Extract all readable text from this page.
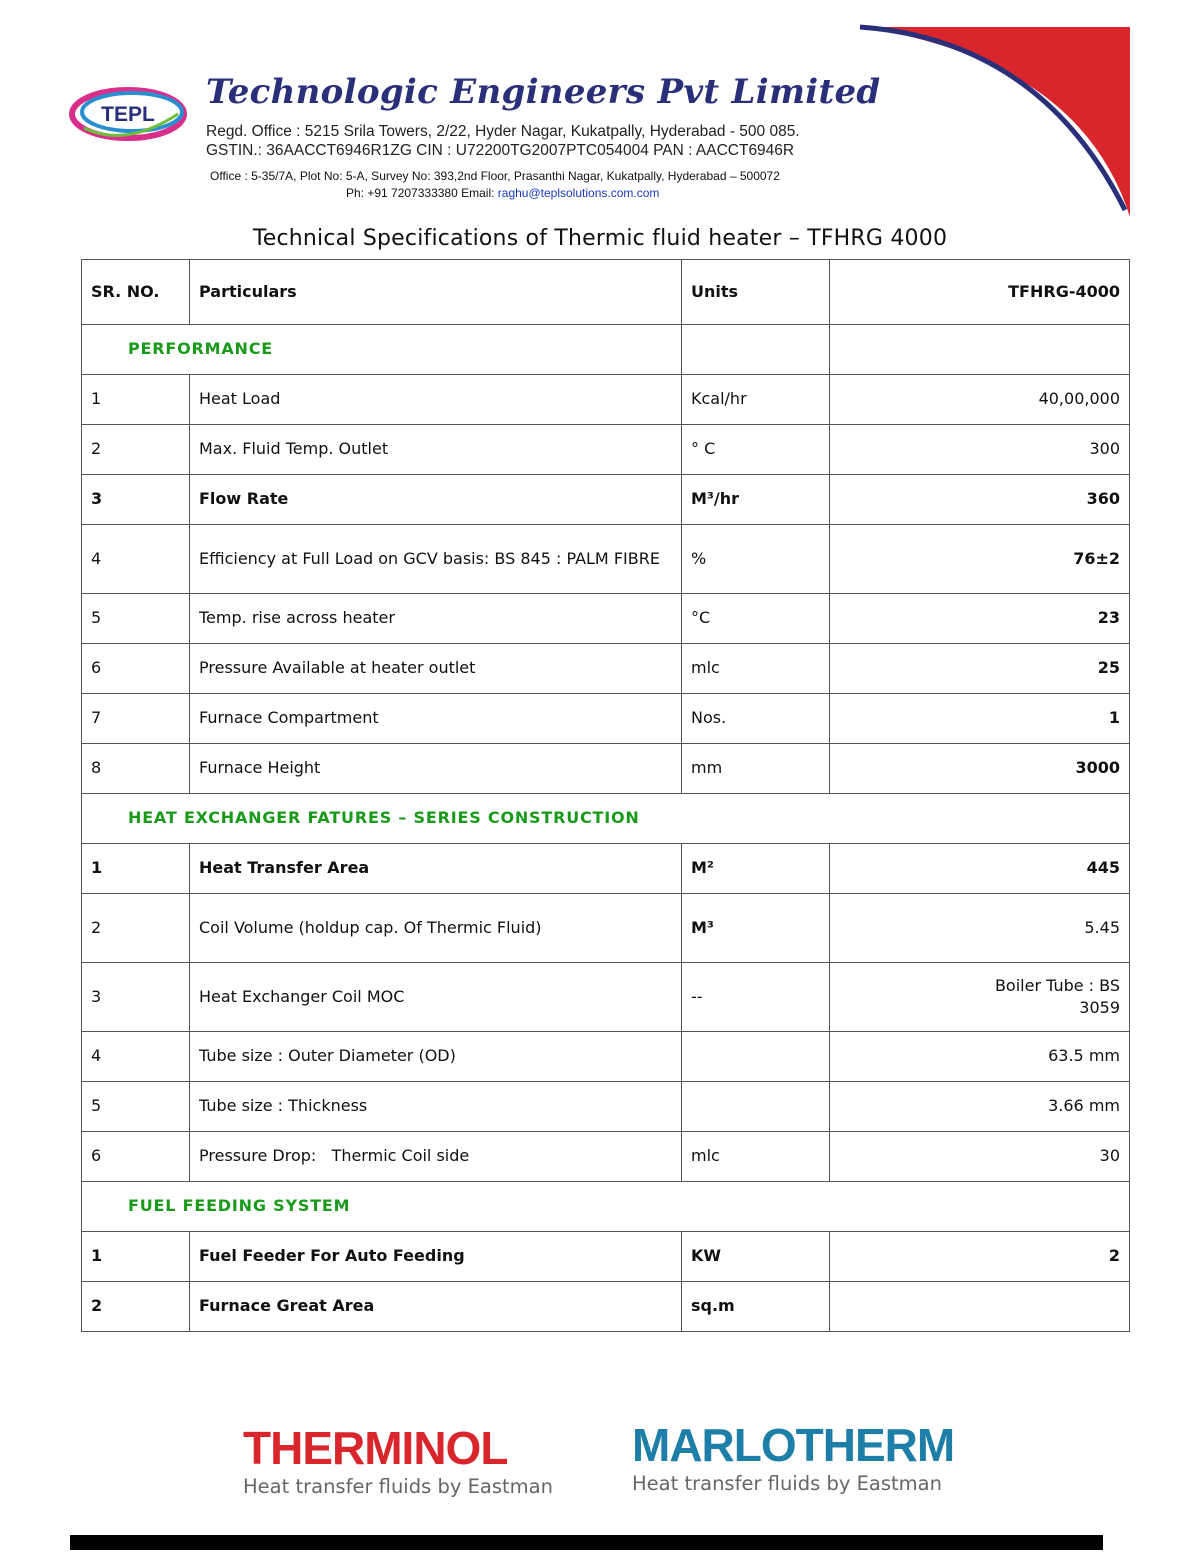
TEPL
Technologic Engineers Pvt Limited
Regd. Office : 5215 Srila Towers, 2/22, Hyder Nagar, Kukatpally, Hyderabad - 500 085.
GSTIN.: 36AACCT6946R1ZG CIN : U72200TG2007PTC054004 PAN : AACCT6946R
Office : 5-35/7A, Plot No: 5-A, Survey No: 393,2nd Floor, Prasanthi Nagar, Kukatpally, Hyderabad – 500072
Ph: +91 7207333380 Email: raghu@teplsolutions.com.com
Technical Specifications of Thermic fluid heater – TFHRG 4000
SR. NO.	Particulars	Units	TFHRG-4000
PERFORMANCE			
1	Heat Load	Kcal/hr	40,00,000
2	Max. Fluid Temp. Outlet	° C	300
3	Flow Rate	M³/hr	360
4	Efficiency at Full Load on GCV basis: BS 845 : PALM FIBRE	%	76±2
5	Temp. rise across heater	°C	23
6	Pressure Available at heater outlet	mlc	25
7	Furnace Compartment	Nos.	1
8	Furnace Height	mm	3000
HEAT EXCHANGER FATURES – SERIES CONSTRUCTION			
1	Heat Transfer Area	M²	445
2	Coil Volume (holdup cap. Of Thermic Fluid)	M³	5.45
3	Heat Exchanger Coil MOC	--	Boiler Tube : BS 3059
4	Tube size : Outer Diameter (OD)		63.5 mm
5	Tube size : Thickness		3.66 mm
6	Pressure Drop:   Thermic Coil side	mlc	30
FUEL FEEDING SYSTEM			
1	Fuel Feeder For Auto Feeding	KW	2
2	Furnace Great Area	sq.m	
THERMINOL
Heat transfer fluids by Eastman
MARLOTHERM
Heat transfer fluids by Eastman
